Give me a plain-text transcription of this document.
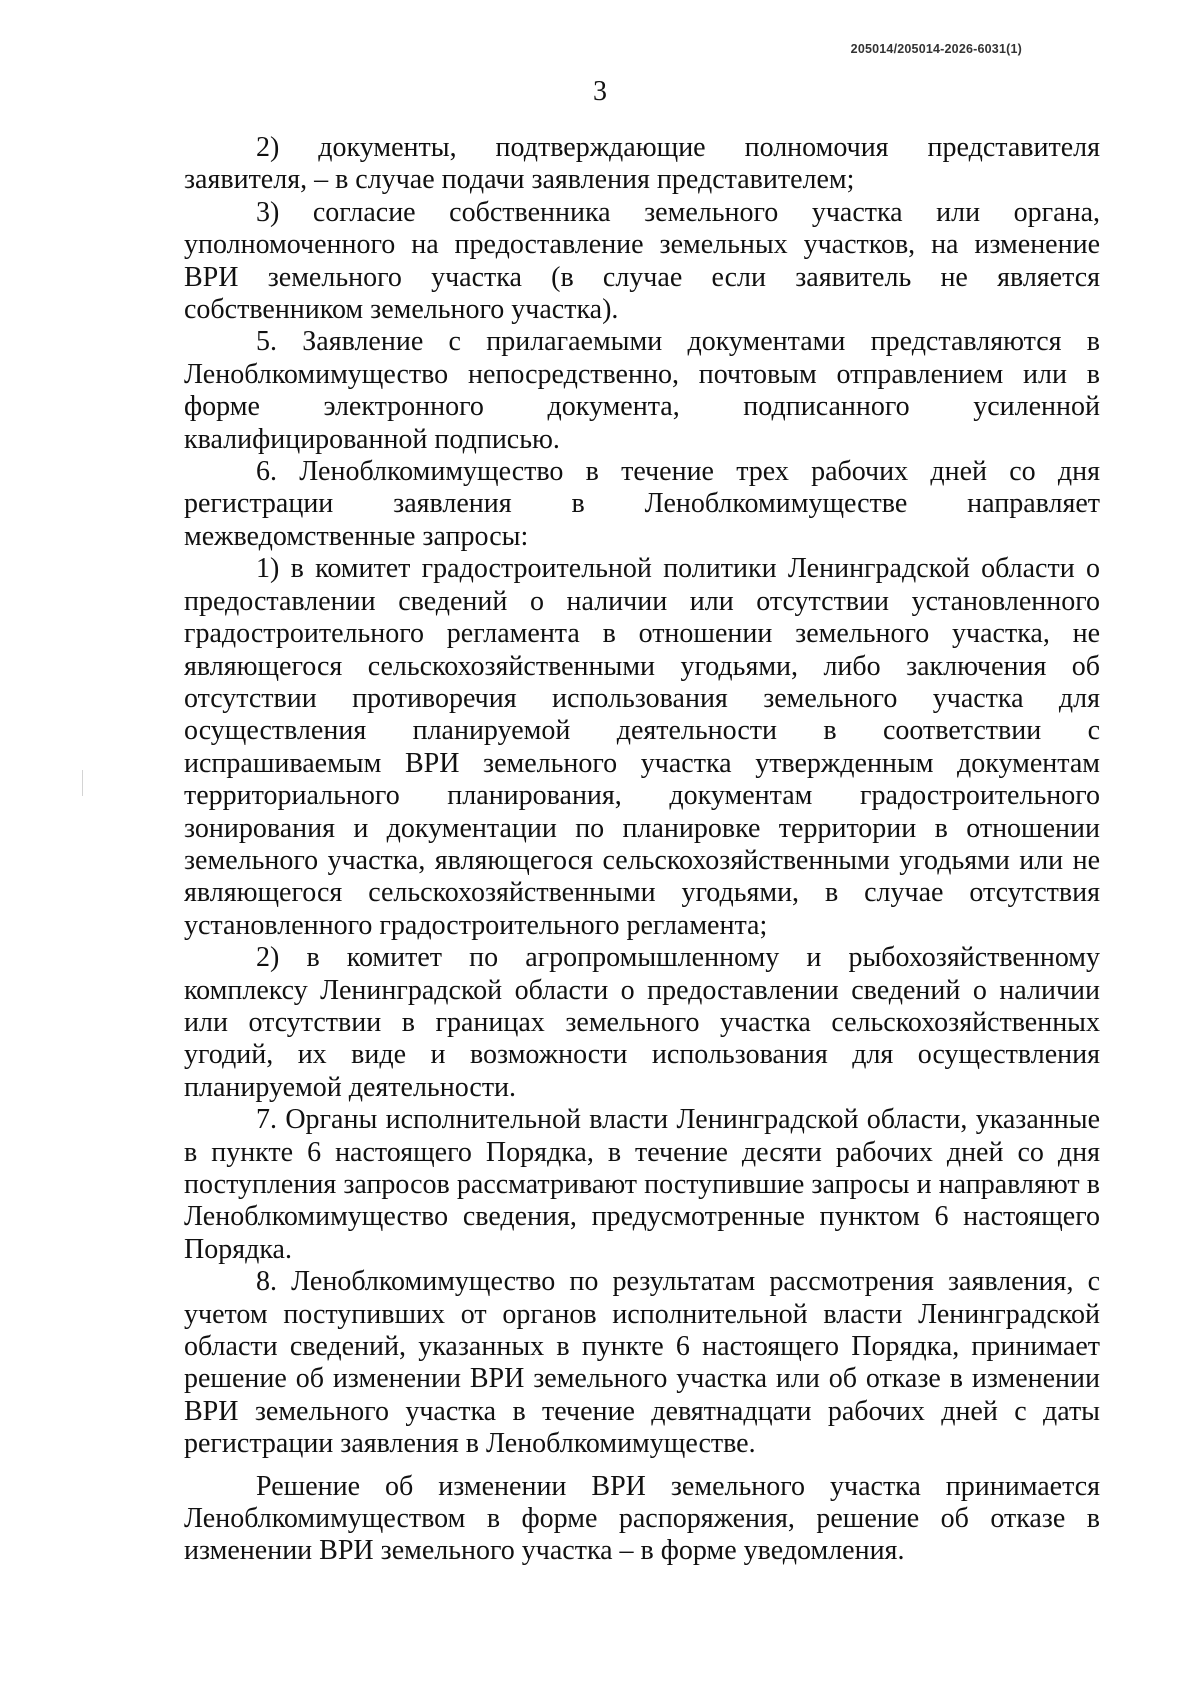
205014/205014-2026-6031(1)
3

2) документы, подтверждающие полномочия представителя заявителя, – в случае подачи заявления представителем;

3) согласие собственника земельного участка или органа, уполномоченного на предоставление земельных участков, на изменение ВРИ земельного участка (в случае если заявитель не является собственником земельного участка).

5. Заявление с прилагаемыми документами представляются в Леноблкомимущество непосредственно, почтовым отправлением или в форме электронного документа, подписанного усиленной квалифицированной подписью.

6. Леноблкомимущество в течение трех рабочих дней со дня регистрации заявления в Леноблкомимуществе направляет межведомственные запросы:

1) в комитет градостроительной политики Ленинградской области о предоставлении сведений о наличии или отсутствии установленного градостроительного регламента в отношении земельного участка, не являющегося сельскохозяйственными угодьями, либо заключения об отсутствии противоречия использования земельного участка для осуществления планируемой деятельности в соответствии с испрашиваемым ВРИ земельного участка утвержденным документам территориального планирования, документам градостроительного зонирования и документации по планировке территории в отношении земельного участка, являющегося сельскохозяйственными угодьями или не являющегося сельскохозяйственными угодьями, в случае отсутствия установленного градостроительного регламента;

2) в комитет по агропромышленному и рыбохозяйственному комплексу Ленинградской области о предоставлении сведений о наличии или отсутствии в границах земельного участка сельскохозяйственных угодий, их виде и возможности использования для осуществления планируемой деятельности.

7. Органы исполнительной власти Ленинградской области, указанные в пункте 6 настоящего Порядка, в течение десяти рабочих дней со дня поступления запросов рассматривают поступившие запросы и направляют в Леноблкомимущество сведения, предусмотренные пунктом 6 настоящего Порядка.

8. Леноблкомимущество по результатам рассмотрения заявления, с учетом поступивших от органов исполнительной власти Ленинградской области сведений, указанных в пункте 6 настоящего Порядка, принимает решение об изменении ВРИ земельного участка или об отказе в изменении ВРИ земельного участка в течение девятнадцати рабочих дней с даты регистрации заявления в Леноблкомимуществе.

Решение об изменении ВРИ земельного участка принимается Леноблкомимуществом в форме распоряжения, решение об отказе в изменении ВРИ земельного участка – в форме уведомления.
